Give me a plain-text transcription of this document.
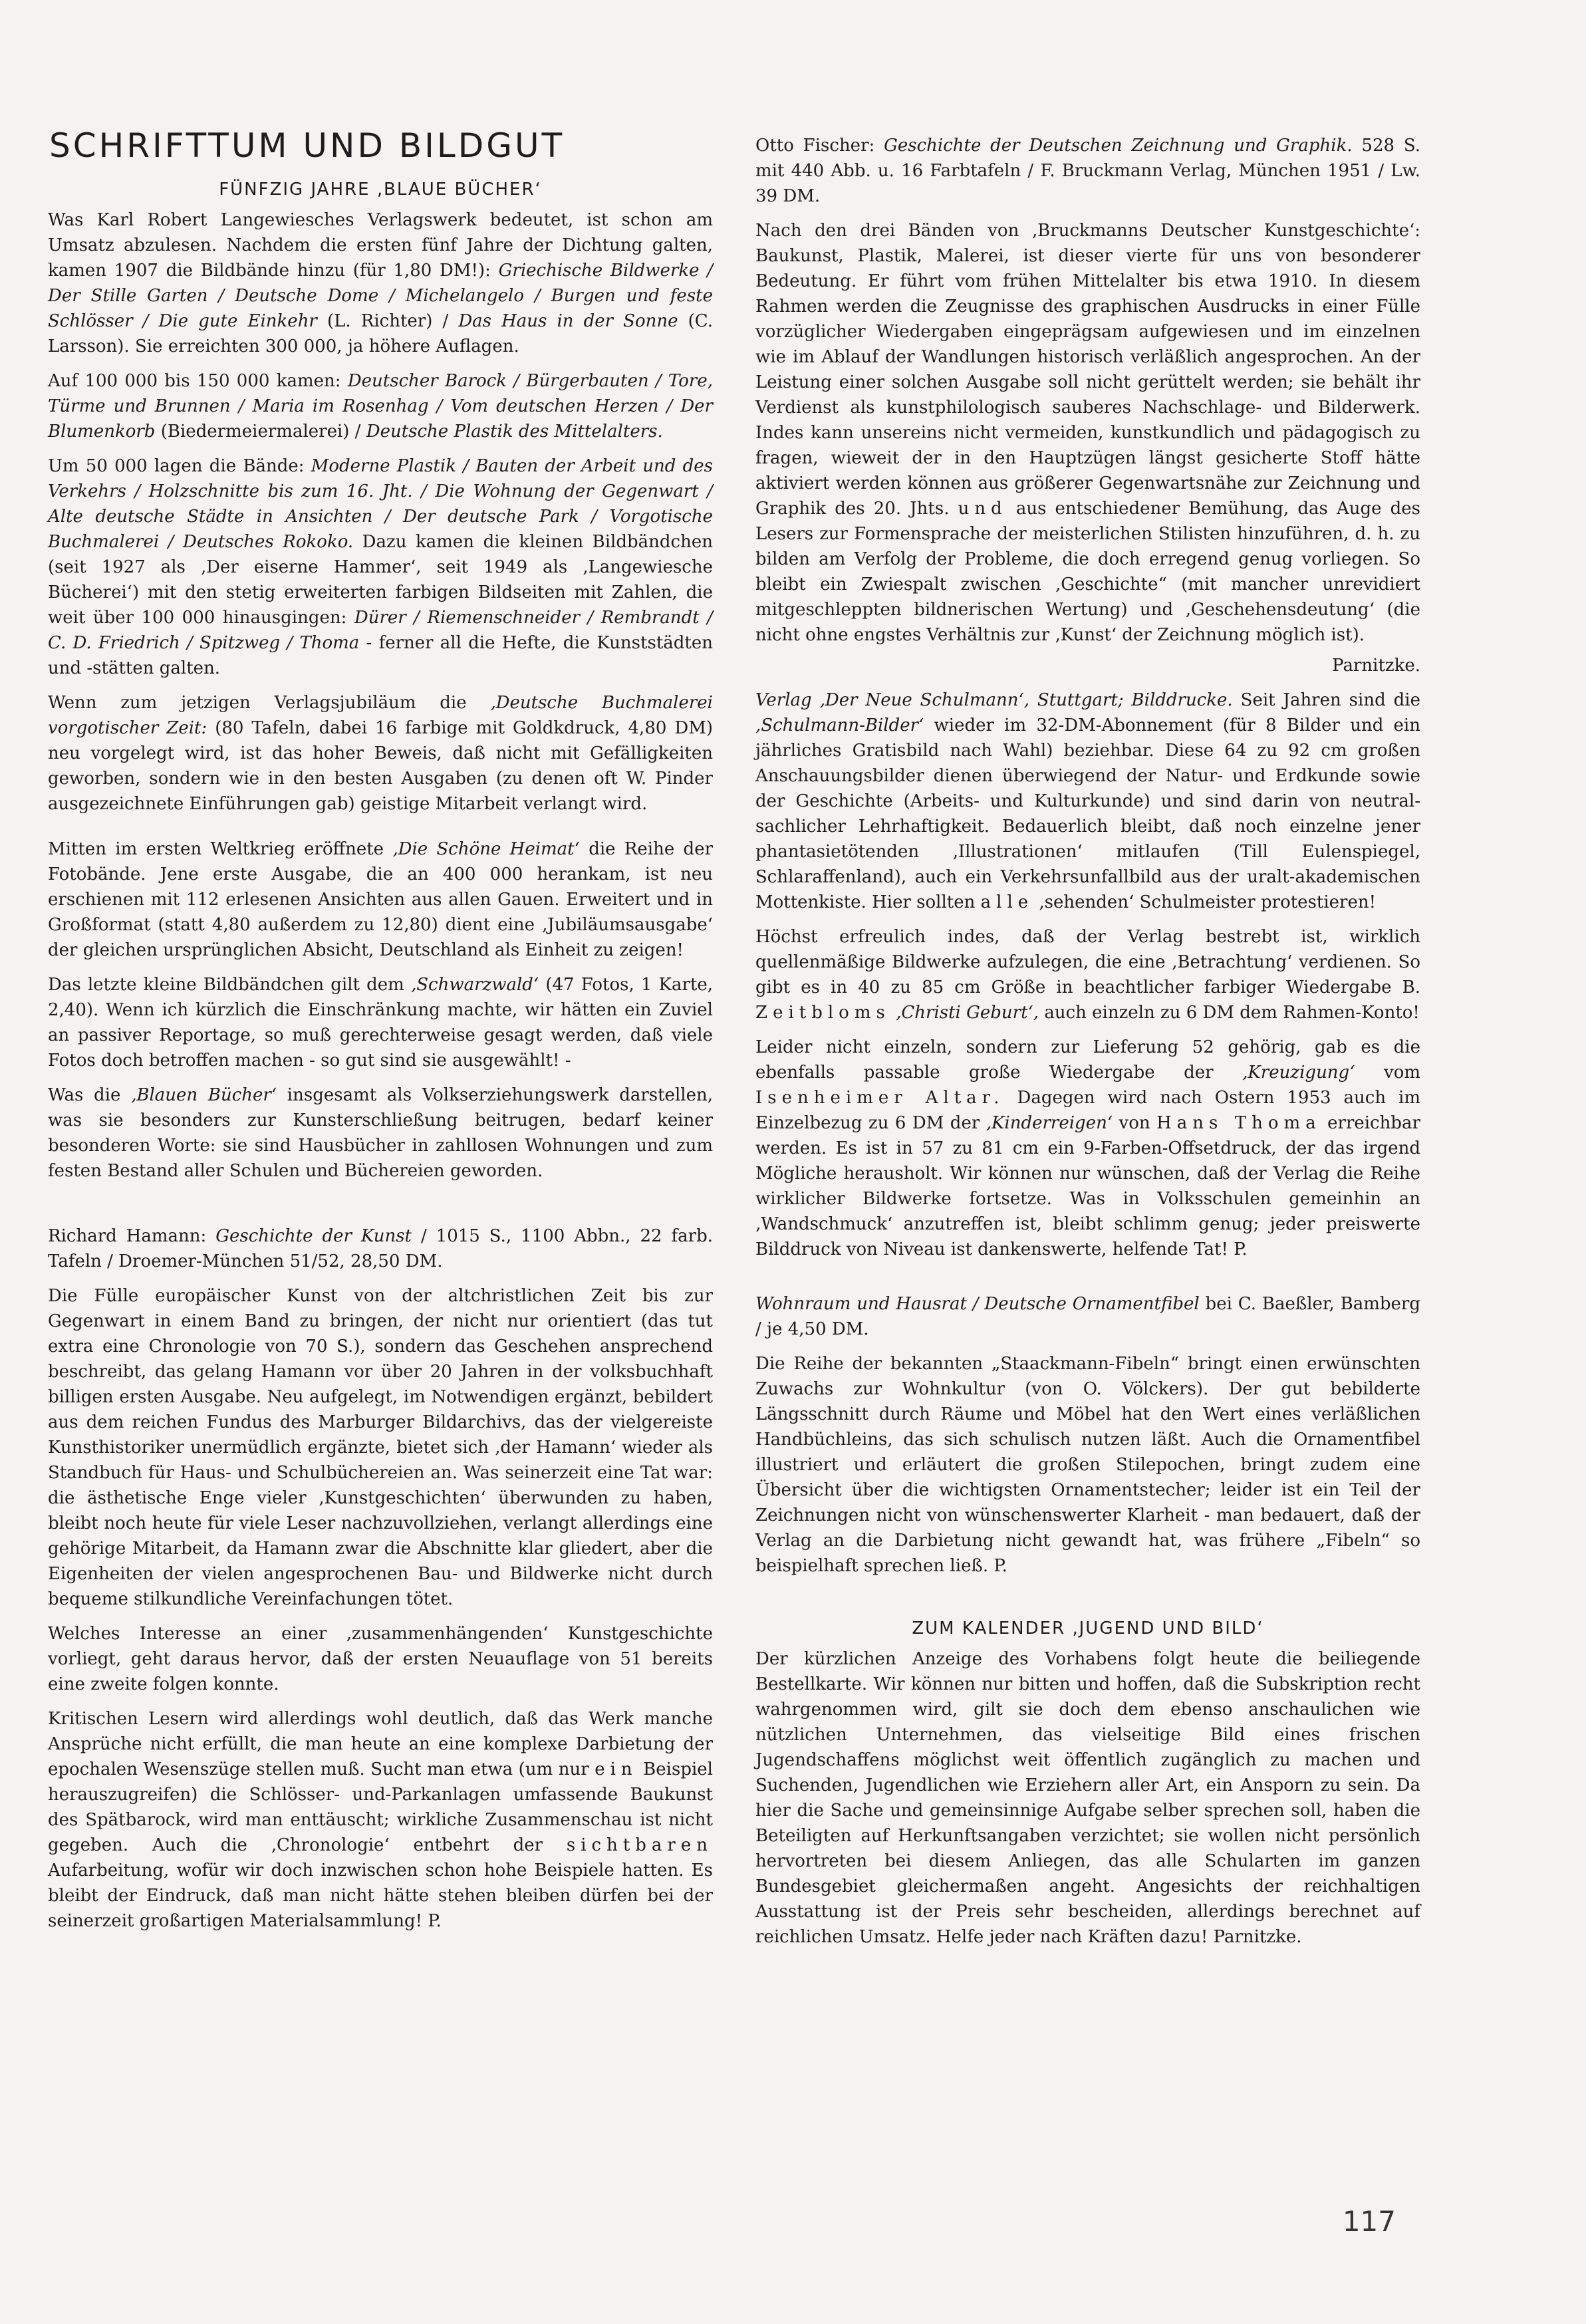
SCHRIFTTUM UND BILDGUT
FÜNFZIG JAHRE ‚BLAUE BÜCHER‘

Was Karl Robert Langewiesches Verlagswerk bedeutet, ist schon am Umsatz abzulesen. Nachdem die ersten fünf Jahre der Dichtung galten, kamen 1907 die Bildbände hinzu (für 1,80 DM!): Griechische Bildwerke / Der Stille Garten / Deutsche Dome / Michelangelo / Burgen und feste Schlösser / Die gute Einkehr (L. Richter) / Das Haus in der Sonne (C. Larsson). Sie erreichten 300 000, ja höhere Auflagen.

Auf 100 000 bis 150 000 kamen: Deutscher Barock / Bürgerbauten / Tore, Türme und Brunnen / Maria im Rosenhag / Vom deutschen Herzen / Der Blumenkorb (Biedermeiermalerei) / Deutsche Plastik des Mittelalters.

Um 50 000 lagen die Bände: Moderne Plastik / Bauten der Arbeit und des Verkehrs / Holzschnitte bis zum 16. Jht. / Die Wohnung der Gegenwart / Alte deutsche Städte in Ansichten / Der deutsche Park / Vorgotische Buchmalerei / Deutsches Rokoko. Dazu kamen die kleinen Bildbändchen (seit 1927 als ‚Der eiserne Hammer‘, seit 1949 als ‚Langewiesche Bücherei‘) mit den stetig erweiterten farbigen Bildseiten mit Zahlen, die weit über 100 000 hinausgingen: Dürer / Riemenschneider / Rembrandt / C. D. Friedrich / Spitzweg / Thoma - ferner all die Hefte, die Kunststädten und -stätten galten.

Wenn zum jetzigen Verlagsjubiläum die ‚Deutsche Buchmalerei vorgotischer Zeit: (80 Tafeln, dabei 16 farbige mit Goldkdruck, 4,80 DM) neu vorgelegt wird, ist das hoher Beweis, daß nicht mit Gefälligkeiten geworben, sondern wie in den besten Ausgaben (zu denen oft W. Pinder ausgezeichnete Einführungen gab) geistige Mitarbeit verlangt wird.

Mitten im ersten Weltkrieg eröffnete ‚Die Schöne Heimat‘ die Reihe der Fotobände. Jene erste Ausgabe, die an 400 000 herankam, ist neu erschienen mit 112 erlesenen Ansichten aus allen Gauen. Erweitert und in Großformat (statt 4,80 außerdem zu 12,80) dient eine ‚Jubiläumsausgabe‘ der gleichen ursprünglichen Absicht, Deutschland als Einheit zu zeigen!

Das letzte kleine Bildbändchen gilt dem ‚Schwarzwald‘ (47 Fotos, 1 Karte, 2,40). Wenn ich kürzlich die Einschränkung machte, wir hätten ein Zuviel an passiver Reportage, so muß gerechterweise gesagt werden, daß viele Fotos doch betroffen machen - so gut sind sie ausgewählt! -

Was die ‚Blauen Bücher‘ insgesamt als Volkserziehungswerk darstellen, was sie besonders zur Kunsterschließung beitrugen, bedarf keiner besonderen Worte: sie sind Hausbücher in zahllosen Wohnungen und zum festen Bestand aller Schulen und Büchereien geworden.

Richard Hamann: Geschichte der Kunst / 1015 S., 1100 Abbn., 22 farb. Tafeln / Droemer-München 51/52, 28,50 DM.

Die Fülle europäischer Kunst von der altchristlichen Zeit bis zur Gegenwart in einem Band zu bringen, der nicht nur orientiert (das tut extra eine Chronologie von 70 S.), sondern das Geschehen ansprechend beschreibt, das gelang Hamann vor über 20 Jahren in der volksbuchhaft billigen ersten Ausgabe. Neu aufgelegt, im Notwendigen ergänzt, bebildert aus dem reichen Fundus des Marburger Bildarchivs, das der vielgereiste Kunsthistoriker unermüdlich ergänzte, bietet sich ‚der Hamann‘ wieder als Standbuch für Haus- und Schulbüchereien an. Was seinerzeit eine Tat war: die ästhetische Enge vieler ‚Kunstgeschichten‘ überwunden zu haben, bleibt noch heute für viele Leser nachzuvollziehen, verlangt allerdings eine gehörige Mitarbeit, da Hamann zwar die Abschnitte klar gliedert, aber die Eigenheiten der vielen angesprochenen Bau- und Bildwerke nicht durch bequeme stilkundliche Vereinfachungen tötet.

Welches Interesse an einer ‚zusammenhängenden‘ Kunstgeschichte vorliegt, geht daraus hervor, daß der ersten Neuauflage von 51 bereits eine zweite folgen konnte.

Kritischen Lesern wird allerdings wohl deutlich, daß das Werk manche Ansprüche nicht erfüllt, die man heute an eine komplexe Darbietung der epochalen Wesenszüge stellen muß. Sucht man etwa (um nur ein Beispiel herauszugreifen) die Schlösser- und-Parkanlagen umfassende Baukunst des Spätbarock, wird man enttäuscht; wirkliche Zusammenschau ist nicht gegeben. Auch die ‚Chronologie‘ entbehrt der sichtbaren Aufarbeitung, wofür wir doch inzwischen schon hohe Beispiele hatten. Es bleibt der Eindruck, daß man nicht hätte stehen bleiben dürfen bei der seinerzeit großartigen Materialsammlung! P.

Otto Fischer: Geschichte der Deutschen Zeichnung und Graphik. 528 S. mit 440 Abb. u. 16 Farbtafeln / F. Bruckmann Verlag, München 1951 / Lw. 39 DM.

Nach den drei Bänden von ‚Bruckmanns Deutscher Kunstgeschichte‘: Baukunst, Plastik, Malerei, ist dieser vierte für uns von besonderer Bedeutung. Er führt vom frühen Mittelalter bis etwa 1910. In diesem Rahmen werden die Zeugnisse des graphischen Ausdrucks in einer Fülle vorzüglicher Wiedergaben eingeprägsam aufgewiesen und im einzelnen wie im Ablauf der Wandlungen historisch verläßlich angesprochen. An der Leistung einer solchen Ausgabe soll nicht gerüttelt werden; sie behält ihr Verdienst als kunstphilologisch sauberes Nachschlage- und Bilderwerk. Indes kann unsereins nicht vermeiden, kunstkundlich und pädagogisch zu fragen, wieweit der in den Hauptzügen längst gesicherte Stoff hätte aktiviert werden können aus größerer Gegenwartsnähe zur Zeichnung und Graphik des 20. Jhts. und aus entschiedener Bemühung, das Auge des Lesers zur Formensprache der meisterlichen Stilisten hinzuführen, d. h. zu bilden am Verfolg der Probleme, die doch erregend genug vorliegen. So bleibt ein Zwiespalt zwischen ‚Geschichte“ (mit mancher unrevidiert mitgeschleppten bildnerischen Wertung) und ‚Geschehensdeutung‘ (die nicht ohne engstes Verhältnis zur ‚Kunst‘ der Zeichnung möglich ist).

Parnitzke.

Verlag ‚Der Neue Schulmann‘, Stuttgart; Bilddrucke. Seit Jahren sind die ‚Schulmann-Bilder‘ wieder im 32-DM-Abonnement (für 8 Bilder und ein jährliches Gratisbild nach Wahl) beziehbar. Diese 64 zu 92 cm großen Anschauungsbilder dienen überwiegend der Natur- und Erdkunde sowie der Geschichte (Arbeits- und Kulturkunde) und sind darin von neutral-sachlicher Lehrhaftigkeit. Bedauerlich bleibt, daß noch einzelne jener phantasietötenden ‚Illustrationen‘ mitlaufen (Till Eulenspiegel, Schlaraffenland), auch ein Verkehrsunfallbild aus der uralt-akademischen Mottenkiste. Hier sollten alle ‚sehenden‘ Schulmeister protestieren!

Höchst erfreulich indes, daß der Verlag bestrebt ist, wirklich quellenmäßige Bildwerke aufzulegen, die eine ‚Betrachtung‘ verdienen. So gibt es in 40 zu 85 cm Größe in beachtlicher farbiger Wiedergabe B. Zeitbloms ‚Christi Geburt‘, auch einzeln zu 6 DM dem Rahmen-Konto!

Leider nicht einzeln, sondern zur Lieferung 52 gehörig, gab es die ebenfalls passable große Wiedergabe der ‚Kreuzigung‘ vom Isenheimer Altar. Dagegen wird nach Ostern 1953 auch im Einzelbezug zu 6 DM der ‚Kinderreigen‘ von Hans Thoma erreichbar werden. Es ist in 57 zu 81 cm ein 9-Farben-Offsetdruck, der das irgend Mögliche herausholt. Wir können nur wünschen, daß der Verlag die Reihe wirklicher Bildwerke fortsetze. Was in Volksschulen gemeinhin an ‚Wandschmuck‘ anzutreffen ist, bleibt schlimm genug; jeder preiswerte Bilddruck von Niveau ist dankenswerte, helfende Tat! P.

Wohnraum und Hausrat / Deutsche Ornamentfibel bei C. Baeßler, Bamberg / je 4,50 DM.

Die Reihe der bekannten „Staackmann-Fibeln“ bringt einen erwünschten Zuwachs zur Wohnkultur (von O. Völckers). Der gut bebilderte Längsschnitt durch Räume und Möbel hat den Wert eines verläßlichen Handbüchleins, das sich schulisch nutzen läßt. Auch die Ornamentfibel illustriert und erläutert die großen Stilepochen, bringt zudem eine Übersicht über die wichtigsten Ornamentstecher; leider ist ein Teil der Zeichnungen nicht von wünschenswerter Klarheit - man bedauert, daß der Verlag an die Darbietung nicht gewandt hat, was frühere „Fibeln“ so beispielhaft sprechen ließ. P.

ZUM KALENDER ‚JUGEND UND BILD‘

Der kürzlichen Anzeige des Vorhabens folgt heute die beiliegende Bestellkarte. Wir können nur bitten und hoffen, daß die Subskription recht wahrgenommen wird, gilt sie doch dem ebenso anschaulichen wie nützlichen Unternehmen, das vielseitige Bild eines frischen Jugendschaffens möglichst weit öffentlich zugänglich zu machen und Suchenden, Jugendlichen wie Erziehern aller Art, ein Ansporn zu sein. Da hier die Sache und gemeinsinnige Aufgabe selber sprechen soll, haben die Beteiligten auf Herkunftsangaben verzichtet; sie wollen nicht persönlich hervortreten bei diesem Anliegen, das alle Schularten im ganzen Bundesgebiet gleichermaßen angeht. Angesichts der reichhaltigen Ausstattung ist der Preis sehr bescheiden, allerdings berechnet auf reichlichen Umsatz. Helfe jeder nach Kräften dazu! Parnitzke.

117
